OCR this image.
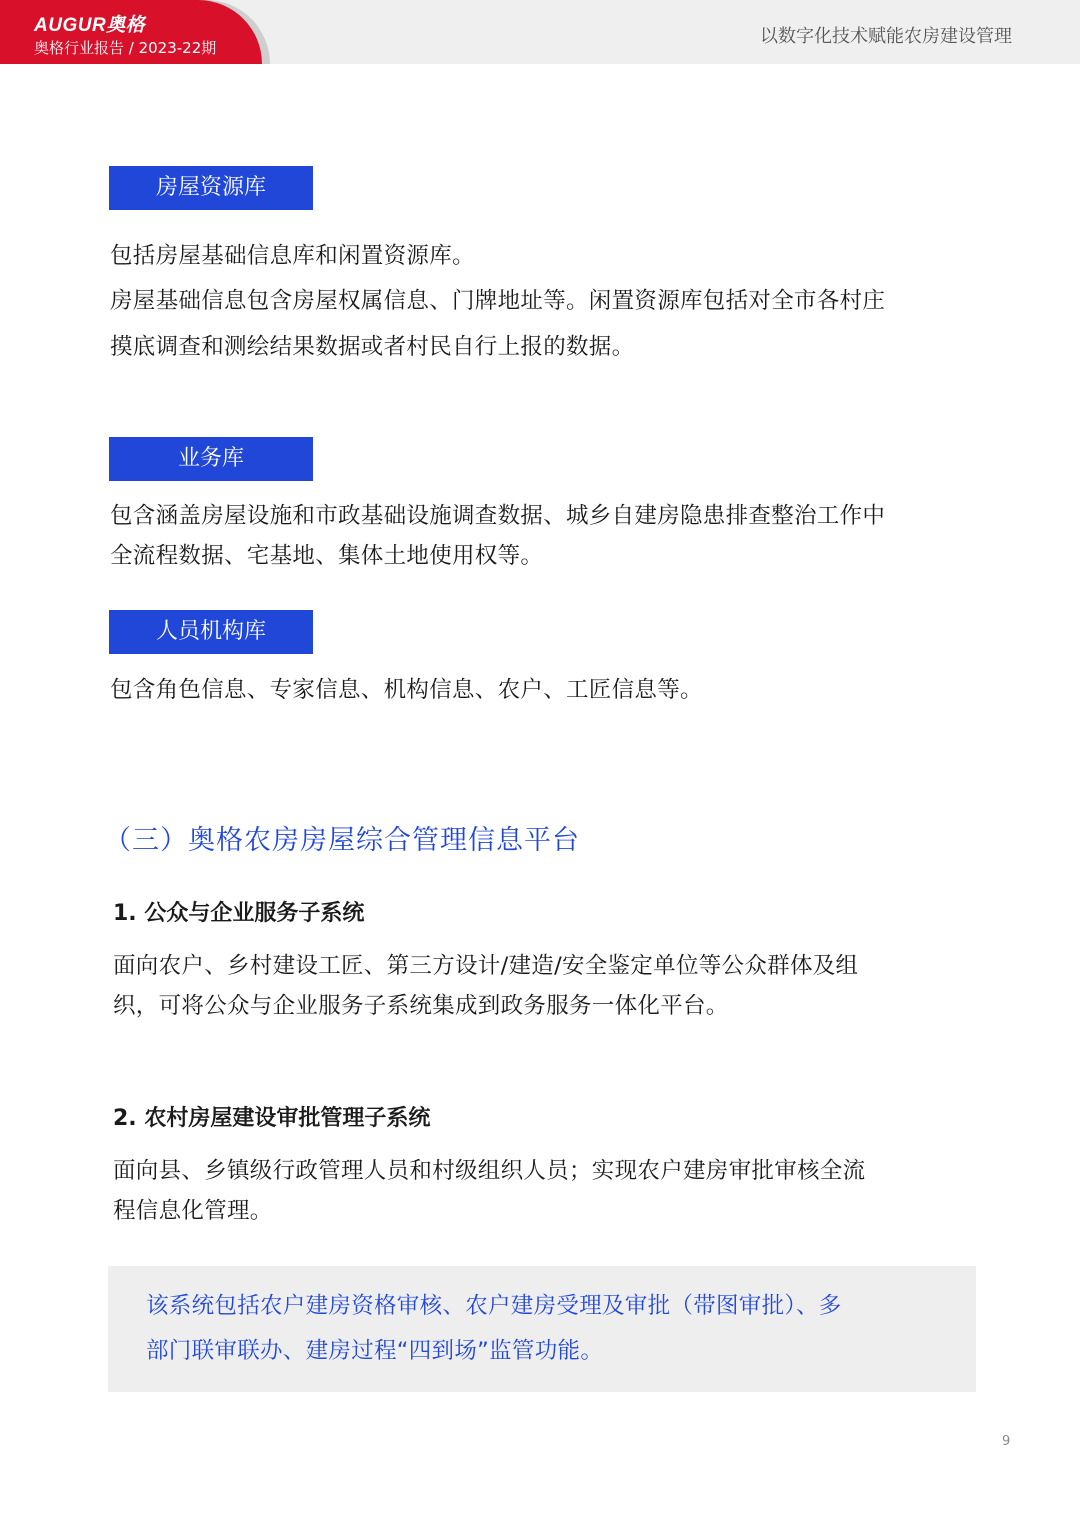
AUGUR奥格
奥格行业报告 / 2023-22期
以数字化技术赋能农房建设管理
房屋资源库

包括房屋基础信息库和闲置资源库。

房屋基础信息包含房屋权属信息、门牌地址等。闲置资源库包括对全市各村庄

摸底调查和测绘结果数据或者村民自行上报的数据。

业务库

包含涵盖房屋设施和市政基础设施调查数据、城乡自建房隐患排查整治工作中

全流程数据、宅基地、集体土地使用权等。

人员机构库

包含角色信息、专家信息、机构信息、农户、工匠信息等。

（三）奥格农房房屋综合管理信息平台
1. 公众与企业服务子系统

面向农户、乡村建设工匠、第三方设计/建造/安全鉴定单位等公众群体及组

织，可将公众与企业服务子系统集成到政务服务一体化平台。

2. 农村房屋建设审批管理子系统

面向县、乡镇级行政管理人员和村级组织人员；实现农户建房审批审核全流

程信息化管理。

该系统包括农户建房资格审核、农户建房受理及审批（带图审批）、多

部门联审联办、建房过程“四到场”监管功能。

9
